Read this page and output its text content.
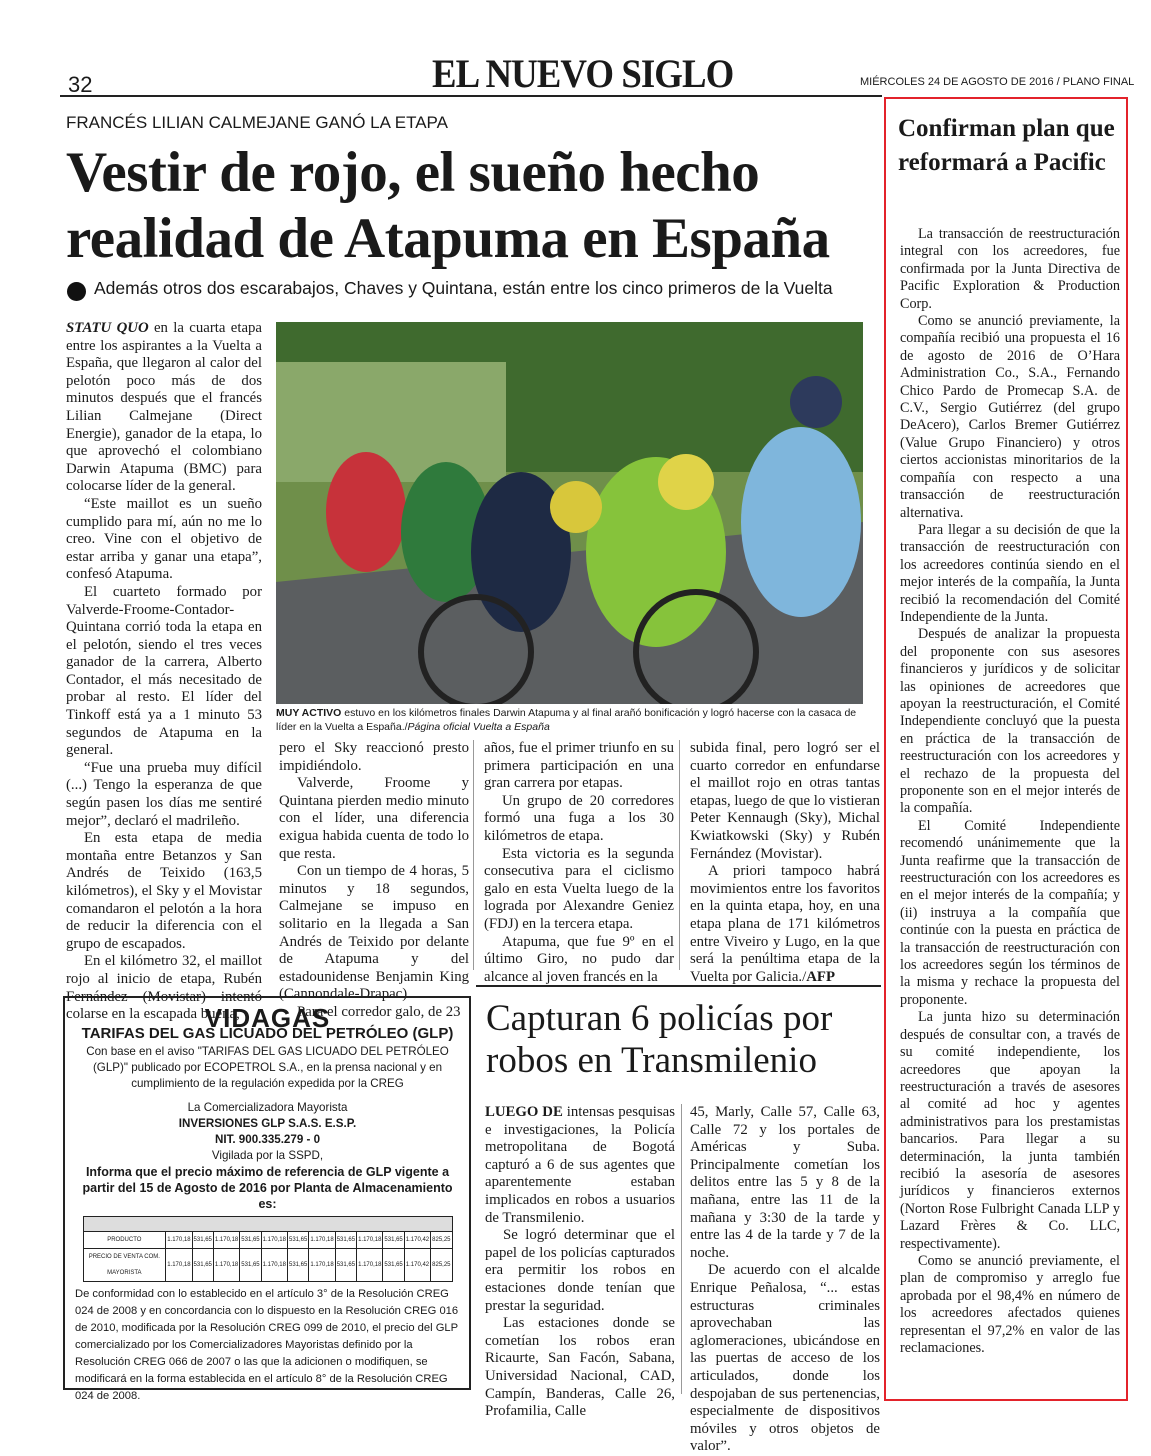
32	EL NUEVO SIGLO	MIÉRCOLES 24 DE AGOSTO DE 2016 / PLANO FINAL
FRANCÉS LILIAN CALMEJANE GANÓ LA ETAPA
Vestir de rojo, el sueño hecho
realidad de Atapuma en España
Además otros dos escarabajos, Chaves y Quintana, están entre los cinco primeros de la Vuelta

STATU QUO en la cuarta etapa entre los aspirantes a la Vuelta a España, que llegaron al calor del pelotón poco más de dos minutos después que el francés Lilian Calmejane (Direct Energie), ganador de la etapa, lo que aprovechó el colombiano Darwin Atapuma (BMC) para colocarse líder de la general.

“Este maillot es un sueño cumplido para mí, aún no me lo creo. Vine con el objetivo de estar arriba y ganar una etapa”, confesó Atapuma.

El cuarteto formado por Valverde-Froome-Contador-Quintana corrió toda la etapa en el pelotón, siendo el tres veces ganador de la carrera, Alberto Contador, el más necesitado de probar al resto. El líder del Tinkoff está ya a 1 minuto 53 segundos de Atapuma en la general.

“Fue una prueba muy difícil (...) Tengo la esperanza de que según pasen los días me sentiré mejor”, declaró el madrileño.

En esta etapa de media montaña entre Betanzos y San Andrés de Teixido (163,5 kilómetros), el Sky y el Movistar comandaron el pelotón a la hora de reducir la diferencia con el grupo de escapados.

En el kilómetro 32, el maillot rojo al inicio de etapa, Rubén Fernández (Movistar) intentó colarse en la escapada buena,

MUY ACTIVO estuvo en los kilómetros finales Darwin Atapuma y al final arañó bonificación y logró hacerse con la casaca de líder en la Vuelta a España./Página oficial Vuelta a España

pero el Sky reaccionó presto impidiéndolo.

Valverde, Froome y Quintana pierden medio minuto con el líder, una diferencia exigua habida cuenta de todo lo que resta.

Con un tiempo de 4 horas, 5 minutos y 18 segundos, Calmejane se impuso en solitario en la llegada a San Andrés de Teixido por delante de Atapuma y del estadounidense Benjamin King (Cannondale-Drapac).

Para el corredor galo, de 23

años, fue el primer triunfo en su primera participación en una gran carrera por etapas.

Un grupo de 20 corredores formó una fuga a los 30 kilómetros de etapa.

Esta victoria es la segunda consecutiva para el ciclismo galo en esta Vuelta luego de la lograda por Alexandre Geniez (FDJ) en la tercera etapa.

Atapuma, que fue 9º en el último Giro, no pudo dar alcance al joven francés en la

subida final, pero logró ser el cuarto corredor en enfundarse el maillot rojo en otras tantas etapas, luego de que lo vistieran Peter Kennaugh (Sky), Michal Kwiatkowski (Sky) y Rubén Fernández (Movistar).

A priori tampoco habrá movimientos entre los favoritos en la quinta etapa, hoy, en una etapa plana de 171 kilómetros entre Viveiro y Lugo, en la que será la penúltima etapa de la Vuelta por Galicia./AFP

VIDAGAS
TARIFAS DEL GAS LICUADO DEL PETRÓLEO (GLP)
Con base en el aviso "TARIFAS DEL GAS LICUADO DEL PETRÓLEO (GLP)" publicado por ECOPETROL S.A., en la prensa nacional y en cumplimiento de la regulación expedida por la CREG
La Comercializadora Mayorista
INVERSIONES GLP S.A.S. E.S.P.
NIT. 900.335.279 - 0
Vigilada por la SSPD,
Informa que el precio máximo de referencia de GLP vigente a partir del 15 de Agosto de 2016 por Planta de Almacenamiento es:

PRODUCTO	1.170,18	531,65	1.170,18	531,65	1.170,18	531,65	1.170,18	531,65	1.170,18	531,65	1.170,42	825,25
PRECIO DE VENTA COM. MAYORISTA	1.170,18	531,65	1.170,18	531,65	1.170,18	531,65	1.170,18	531,65	1.170,18	531,65	1.170,42	825,25
De conformidad con lo establecido en el artículo 3° de la Resolución CREG 024 de 2008 y en concordancia con lo dispuesto en la Resolución CREG 016 de 2010, modificada por la Resolución CREG 099 de 2010, el precio del GLP comercializado por los Comercializadores Mayoristas definido por la Resolución CREG 066 de 2007 o las que la adicionen o modifiquen, se modificará en la forma establecida en el artículo 8° de la Resolución CREG 024 de 2008.
Capturan 6 policías por robos en Transmilenio

LUEGO DE intensas pesquisas e investigaciones, la Policía metropolitana de Bogotá capturó a 6 de sus agentes que aparentemente estaban implicados en robos a usuarios de Transmilenio.

Se logró determinar que el papel de los policías capturados era permitir los robos en estaciones donde tenían que prestar la seguridad.

Las estaciones donde se cometían los robos eran Ricaurte, San Facón, Sabana, Universidad Nacional, CAD, Campín, Banderas, Calle 26, Profamilia, Calle

45, Marly, Calle 57, Calle 63, Calle 72 y los portales de Américas y Suba. Principalmente cometían los delitos entre las 5 y 8 de la mañana, entre las 11 de la mañana y 3:30 de la tarde y entre las 4 de la tarde y 7 de la noche.

De acuerdo con el alcalde Enrique Peñalosa, “... estas estructuras criminales aprovechaban las aglomeraciones, ubicándose en las puertas de acceso de los articulados, donde los despojaban de sus pertenencias, especialmente de dispositivos móviles y otros objetos de valor”.

Confirman plan que reformará a Pacific

La transacción de reestructuración integral con los acreedores, fue confirmada por la Junta Directiva de Pacific Exploration & Production Corp.

Como se anunció previamente, la compañía recibió una propuesta el 16 de agosto de 2016 de O’Hara Administration Co., S.A., Fernando Chico Pardo de Promecap S.A. de C.V., Sergio Gutiérrez (del grupo DeAcero), Carlos Bremer Gutiérrez (Value Grupo Financiero) y otros ciertos accionistas minoritarios de la compañía con respecto a una transacción de reestructuración alternativa.

Para llegar a su decisión de que la transacción de reestructuración con los acreedores continúa siendo en el mejor interés de la compañía, la Junta recibió la recomendación del Comité Independiente de la Junta.

Después de analizar la propuesta del proponente con sus asesores financieros y jurídicos y de solicitar las opiniones de acreedores que apoyan la reestructuración, el Comité Independiente concluyó que la puesta en práctica de la transacción de reestructuración con los acreedores y el rechazo de la propuesta del proponente son en el mejor interés de la compañía.

El Comité Independiente recomendó unánimemente que la Junta reafirme que la transacción de reestructuración con los acreedores es en el mejor interés de la compañía; y (ii) instruya a la compañía que continúe con la puesta en práctica de la transacción de reestructuración con los acreedores según los términos de la misma y rechace la propuesta del proponente.

La junta hizo su determinación después de consultar con, a través de su comité independiente, los acreedores que apoyan la reestructuración a través de asesores al comité ad hoc y agentes administrativos para los prestamistas bancarios. Para llegar a su determinación, la junta también recibió la asesoría de asesores jurídicos y financieros externos (Norton Rose Fulbright Canada LLP y Lazard Frères & Co. LLC, respectivamente).

Como se anunció previamente, el plan de compromiso y arreglo fue aprobada por el 98,4% en número de los acreedores afectados quienes representan el 97,2% en valor de las reclamaciones.
